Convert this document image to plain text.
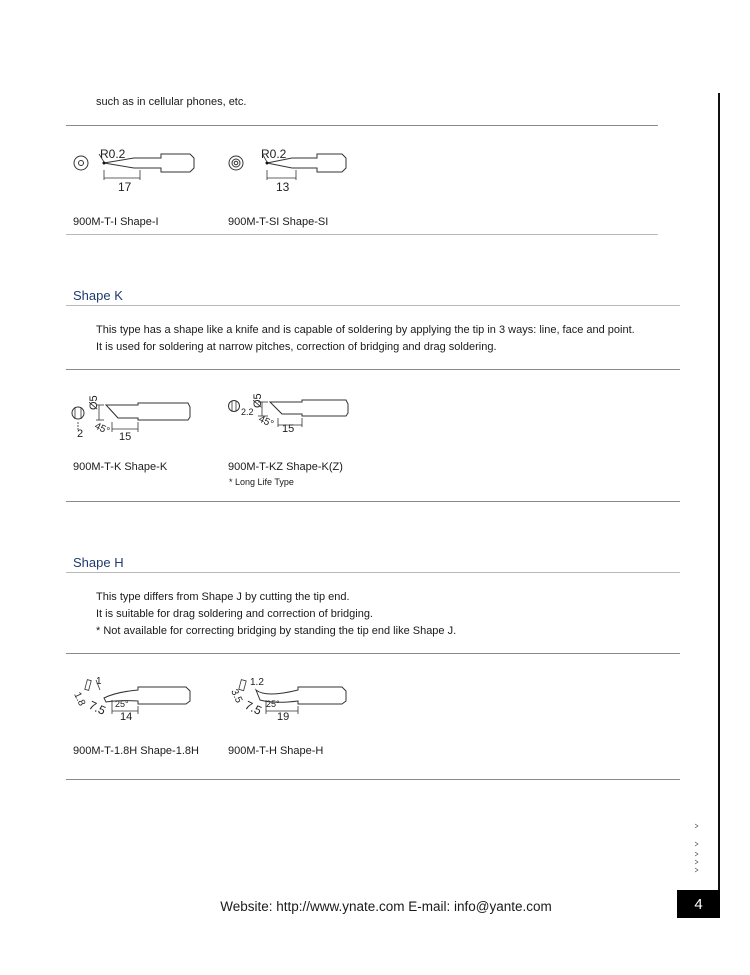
such as in cellular phones, etc.
R0.2
17
R0.2
13
900M-T-I Shape-I	900M-T-SI Shape-SI
Shape K
This type has a shape like a knife and is capable of soldering by applying the tip in 3 ways: line, face and point.
It is used for soldering at narrow pitches, correction of bridging and drag soldering.
Ø5
2 45° 15
Ø5
2.2
45° 15
900M-T-K Shape-K	900M-T-KZ Shape-K(Z)
* Long Life Type
Shape H
This type differs from Shape J by cutting the tip end.
It is suitable for drag soldering and correction of bridging.
* Not available for correcting bridging by standing the tip end like Shape J.
1
1.8 7.5 25°
14
1.2
3.5
7.5 25°
19
900M-T-1.8H Shape-1.8H	900M-T-H Shape-H
4
Website: http://www.ynate.com E-mail: info@yante.com
